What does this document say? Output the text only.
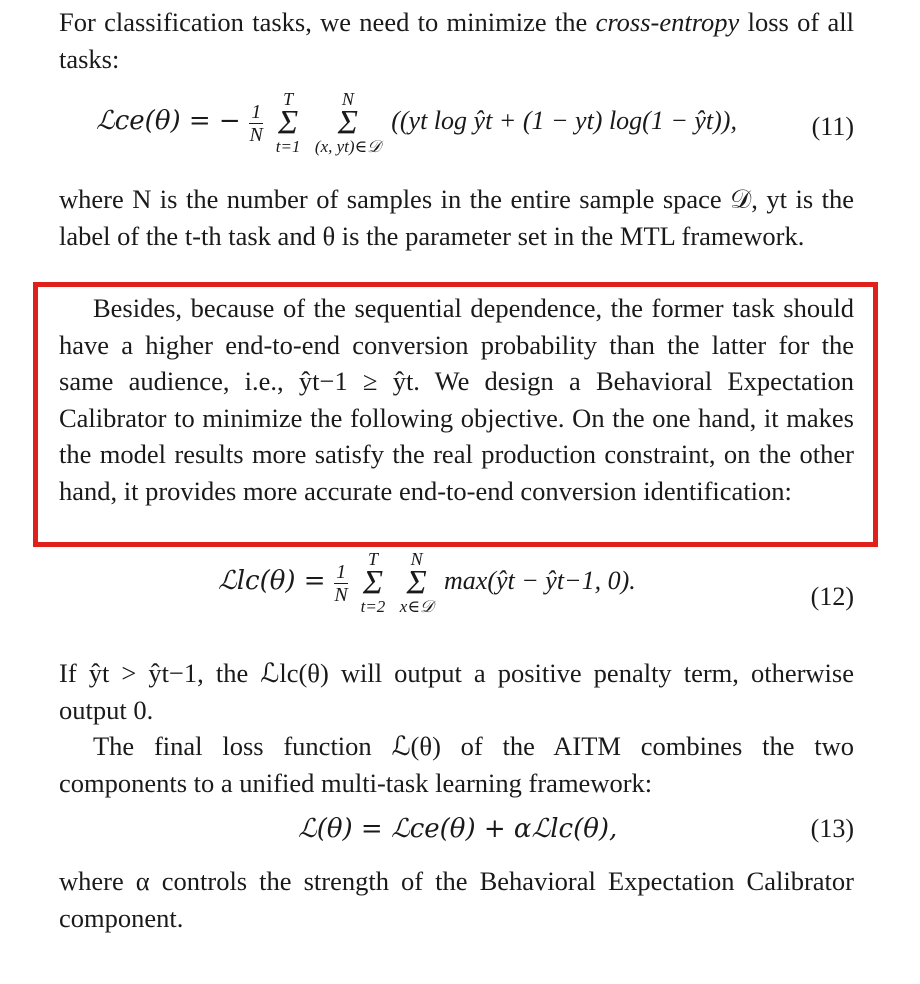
For classification tasks, we need to minimize the cross-entropy loss of all tasks:
ℒce(θ) = − $\frac{1}{N}$

T
Σ
t=1

N
Σ
(x, yt)∈𝒟
((yt log ŷt + (1 − yt) log(1 − ŷt)),	(11)
where N is the number of samples in the entire sample space 𝒟, yt is the label of the t-th task and θ is the parameter set in the MTL framework.
Besides, because of the sequential dependence, the former task should have a higher end-to-end conversion probability than the latter for the same audience, i.e., ŷt−1 ≥ ŷt. We design a Behavioral Expectation Calibrator to minimize the following objective. On the one hand, it makes the model results more satisfy the real production constraint, on the other hand, it provides more accurate end-to-end conversion identification:
ℒlc(θ) = $\frac{1}{N}$

T
Σ
t=2

N
Σ
x∈𝒟
max(ŷt − ŷt−1, 0).
(12)
If ŷt > ŷt−1, the ℒlc(θ) will output a positive penalty term, otherwise output 0.
The final loss function ℒ(θ) of the AITM combines the two components to a unified multi-task learning framework:
ℒ(θ) = ℒce(θ) + αℒlc(θ),	(13)
where α controls the strength of the Behavioral Expectation Calibrator component.
